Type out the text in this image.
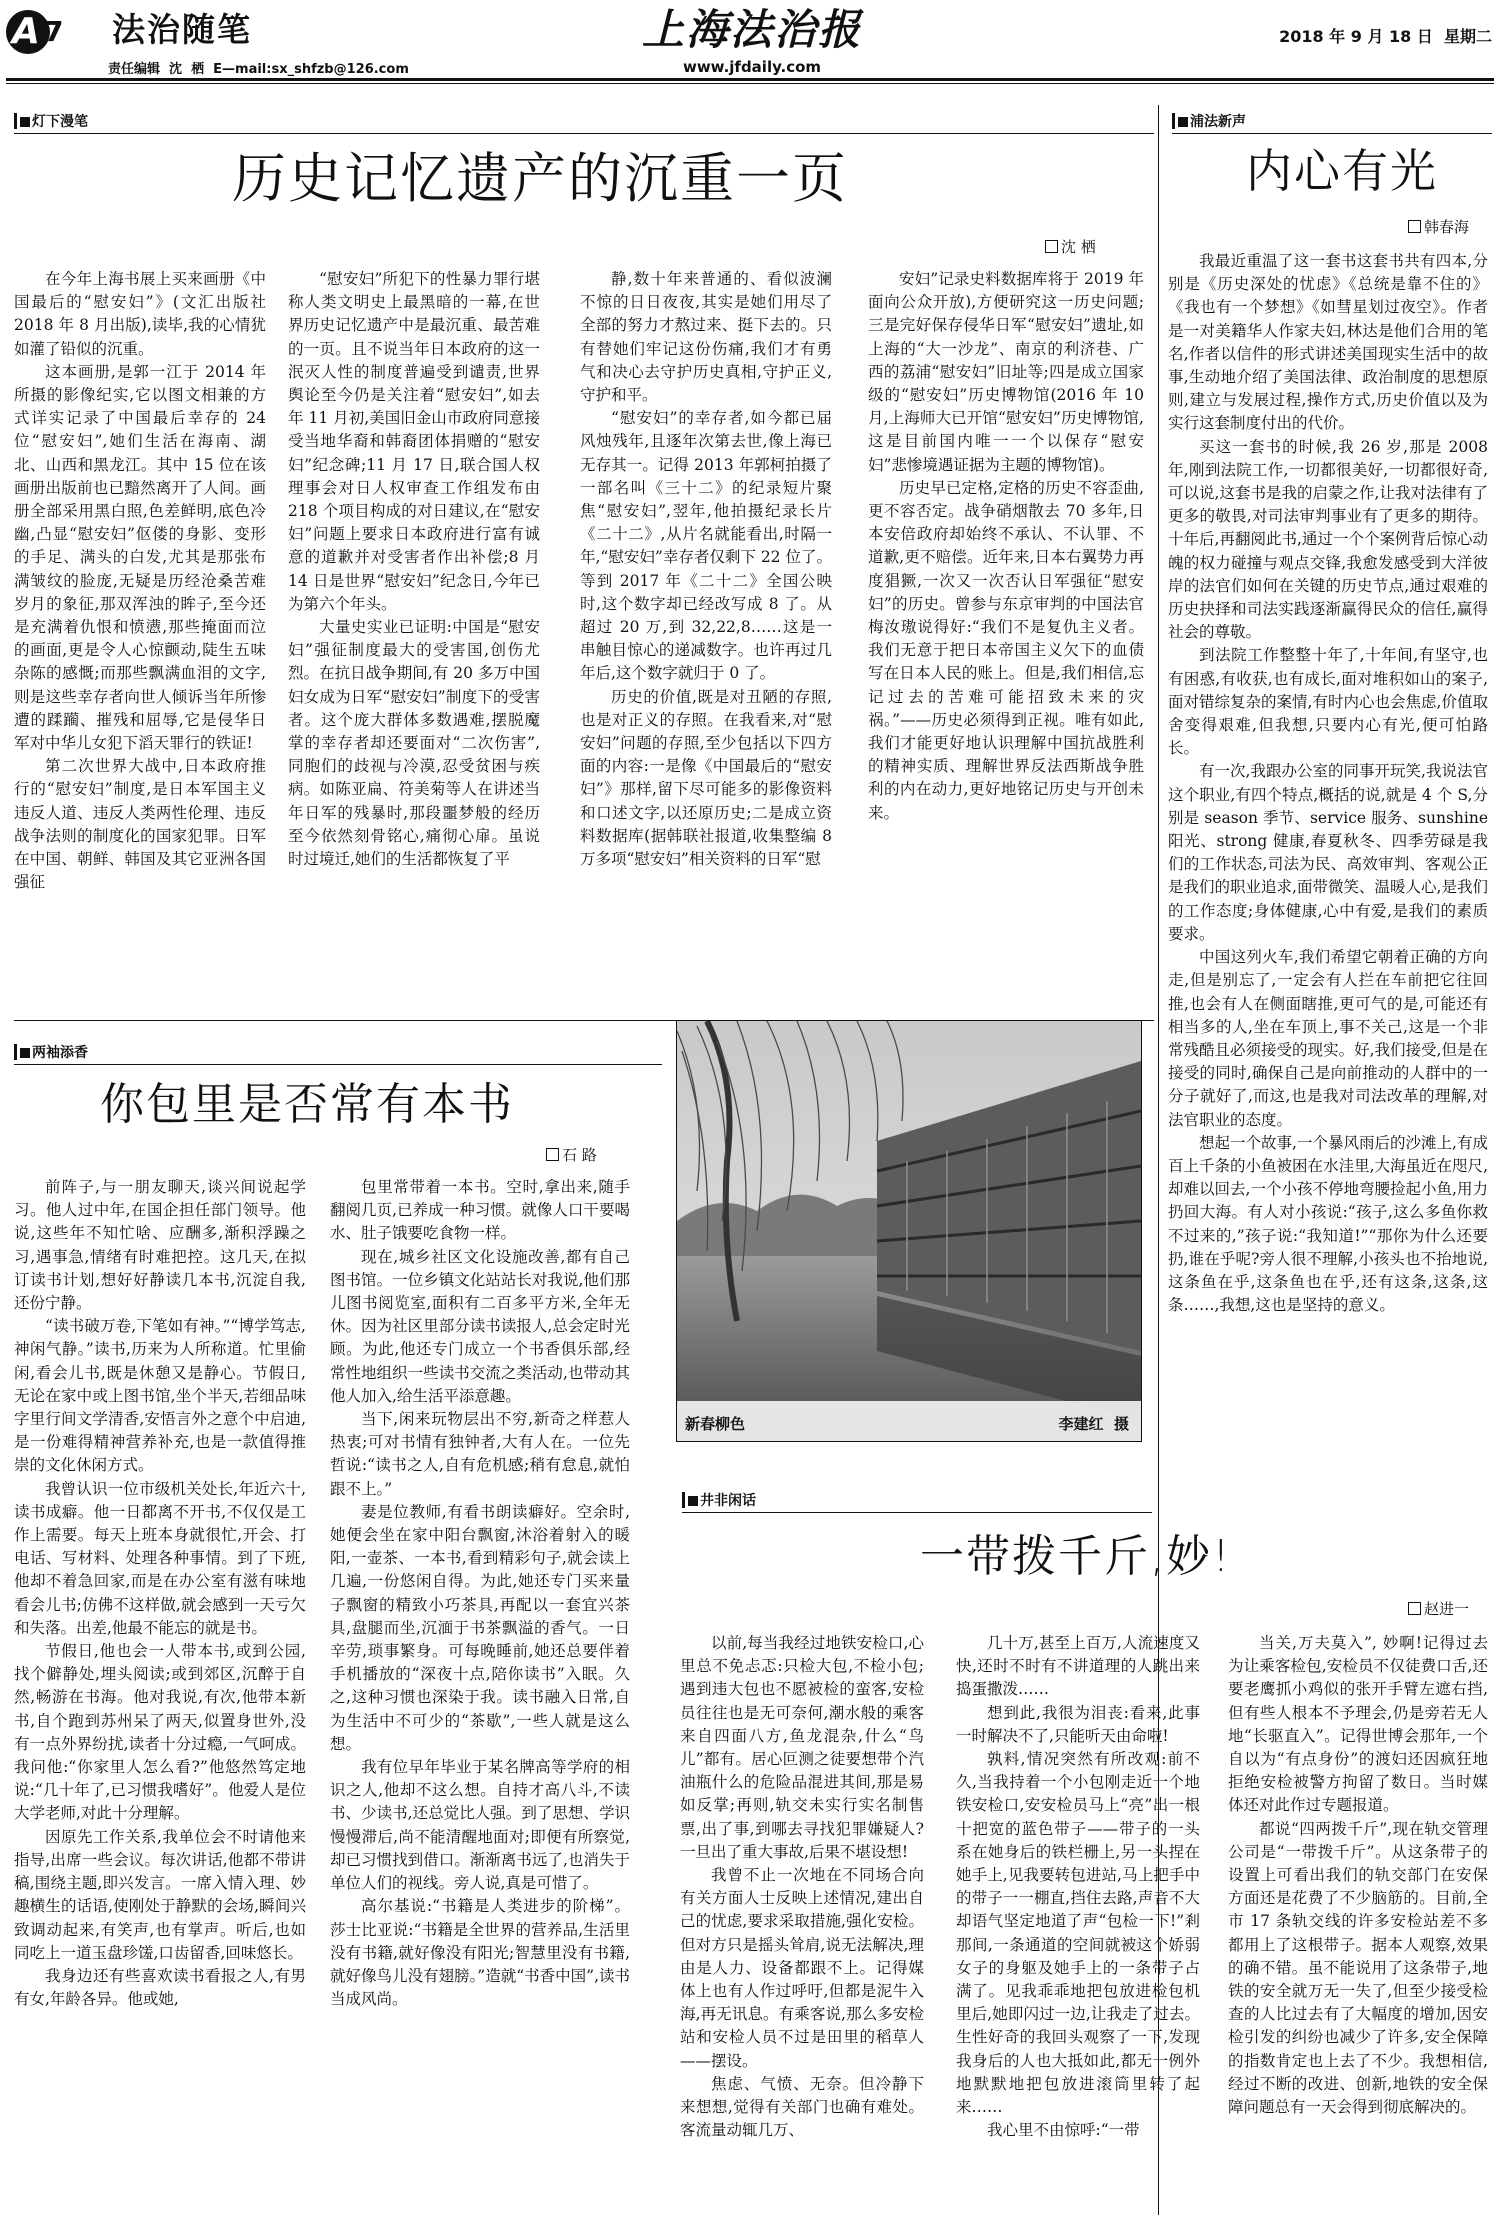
A 7 法治随笔
责任编辑  沈  栖  E—mail:sx_shfzb@126.com
上海法治报
www.jfdaily.com
2018 年 9 月 18 日  星期二
灯下漫笔
历史记忆遗产的沉重一页
沈 栖

在今年上海书展上买来画册《中国最后的“慰安妇”》(文汇出版社 2018 年 8 月出版),读毕,我的心情犹如灌了铅似的沉重。

这本画册,是郭一江于 2014 年所摄的影像纪实,它以图文相兼的方式详实记录了中国最后幸存的 24 位“慰安妇”,她们生活在海南、湖北、山西和黑龙江。其中 15 位在该画册出版前也已黯然离开了人间。画册全部采用黑白照,色差鲜明,底色冷幽,凸显“慰安妇”伛偻的身影、变形的手足、满头的白发,尤其是那张布满皱纹的脸庞,无疑是历经沧桑苦难岁月的象征,那双浑浊的眸子,至今还是充满着仇恨和愤懑,那些掩面而泣的画面,更是令人心惊颤动,陡生五味杂陈的感慨;而那些飘满血泪的文字,则是这些幸存者向世人倾诉当年所惨遭的蹂躏、摧残和屈辱,它是侵华日军对中华儿女犯下滔天罪行的铁证!

第二次世界大战中,日本政府推行的“慰安妇”制度,是日本军国主义违反人道、违反人类两性伦理、违反战争法则的制度化的国家犯罪。日军在中国、朝鲜、韩国及其它亚洲各国强征

“慰安妇”所犯下的性暴力罪行堪称人类文明史上最黑暗的一幕,在世界历史记忆遗产中是最沉重、最苦难的一页。且不说当年日本政府的这一泯灭人性的制度普遍受到谴责,世界舆论至今仍是关注着“慰安妇”,如去年 11 月初,美国旧金山市政府同意接受当地华裔和韩裔团体捐赠的“慰安妇”纪念碑;11 月 17 日,联合国人权理事会对日人权审查工作组发布由 218 个项目构成的对日建议,在“慰安妇”问题上要求日本政府进行富有诚意的道歉并对受害者作出补偿;8 月 14 日是世界“慰安妇”纪念日,今年已为第六个年头。

大量史实业已证明:中国是“慰安妇”强征制度最大的受害国,创伤尤烈。在抗日战争期间,有 20 多万中国妇女成为日军“慰安妇”制度下的受害者。这个庞大群体多数遇难,摆脱魔掌的幸存者却还要面对“二次伤害”,同胞们的歧视与冷漠,忍受贫困与疾病。如陈亚扁、符美菊等人在讲述当年日军的残暴时,那段噩梦般的经历至今依然刻骨铭心,痛彻心扉。虽说时过境迁,她们的生活都恢复了平

静,数十年来普通的、看似波澜不惊的日日夜夜,其实是她们用尽了全部的努力才熬过来、挺下去的。只有替她们牢记这份伤痛,我们才有勇气和决心去守护历史真相,守护正义,守护和平。

“慰安妇”的幸存者,如今都已届风烛残年,且逐年次第去世,像上海已无存其一。记得 2013 年郭柯拍摄了一部名叫《三十二》的纪录短片聚焦“慰安妇”,翌年,他拍摄纪录长片《二十二》,从片名就能看出,时隔一年,“慰安妇”幸存者仅剩下 22 位了。等到 2017 年《二十二》全国公映时,这个数字却已经改写成 8 了。从超过 20 万,到 32,22,8……这是一串触目惊心的递减数字。也许再过几年后,这个数字就归于 0 了。

历史的价值,既是对丑陋的存照,也是对正义的存照。在我看来,对“慰安妇”问题的存照,至少包括以下四方面的内容:一是像《中国最后的“慰安妇”》那样,留下尽可能多的影像资料和口述文字,以还原历史;二是成立资料数据库(据韩联社报道,收集整编 8 万多项“慰安妇”相关资料的日军“慰

安妇”记录史料数据库将于 2019 年面向公众开放),方便研究这一历史问题;三是完好保存侵华日军“慰安妇”遗址,如上海的“大一沙龙”、南京的利济巷、广西的荔浦“慰安妇”旧址等;四是成立国家级的“慰安妇”历史博物馆(2016 年 10 月,上海师大已开馆“慰安妇”历史博物馆,这是目前国内唯一一个以保存“慰安妇”悲惨境遇证据为主题的博物馆)。

历史早已定格,定格的历史不容歪曲,更不容否定。战争硝烟散去 70 多年,日本安倍政府却始终不承认、不认罪、不道歉,更不赔偿。近年来,日本右翼势力再度猖獗,一次又一次否认日军强征“慰安妇”的历史。曾参与东京审判的中国法官梅汝璈说得好:“我们不是复仇主义者。我们无意于把日本帝国主义欠下的血债写在日本人民的账上。但是,我们相信,忘记过去的苦难可能招致未来的灾祸。”——历史必须得到正视。唯有如此,我们才能更好地认识理解中国抗战胜利的精神实质、理解世界反法西斯战争胜利的内在动力,更好地铭记历史与开创未来。

浦法新声
内心有光
韩春海

我最近重温了这一套书这套书共有四本,分别是《历史深处的忧虑》《总统是靠不住的》《我也有一个梦想》《如彗星划过夜空》。作者是一对美籍华人作家夫妇,林达是他们合用的笔名,作者以信件的形式讲述美国现实生活中的故事,生动地介绍了美国法律、政治制度的思想原则,建立与发展过程,操作方式,历史价值以及为实行这套制度付出的代价。

买这一套书的时候,我 26 岁,那是 2008 年,刚到法院工作,一切都很美好,一切都很好奇,可以说,这套书是我的启蒙之作,让我对法律有了更多的敬畏,对司法审判事业有了更多的期待。十年后,再翻阅此书,通过一个个案例背后惊心动魄的权力碰撞与观点交锋,我愈发感受到大洋彼岸的法官们如何在关键的历史节点,通过艰难的历史抉择和司法实践逐渐赢得民众的信任,赢得社会的尊敬。

到法院工作整整十年了,十年间,有坚守,也有困惑,有收获,也有成长,面对堆积如山的案子,面对错综复杂的案情,有时内心也会焦虑,价值取舍变得艰难,但我想,只要内心有光,便可怕路长。

有一次,我跟办公室的同事开玩笑,我说法官这个职业,有四个特点,概括的说,就是 4 个 S,分别是 season 季节、service 服务、sunshine 阳光、strong 健康,春夏秋冬、四季劳碌是我们的工作状态,司法为民、高效审判、客观公正是我们的职业追求,面带微笑、温暖人心,是我们的工作态度;身体健康,心中有爱,是我们的素质要求。

中国这列火车,我们希望它朝着正确的方向走,但是别忘了,一定会有人拦在车前把它往回推,也会有人在侧面瞎推,更可气的是,可能还有相当多的人,坐在车顶上,事不关己,这是一个非常残酷且必须接受的现实。好,我们接受,但是在接受的同时,确保自己是向前推动的人群中的一分子就好了,而这,也是我对司法改革的理解,对法官职业的态度。

想起一个故事,一个暴风雨后的沙滩上,有成百上千条的小鱼被困在水洼里,大海虽近在咫尺,却难以回去,一个小孩不停地弯腰捡起小鱼,用力扔回大海。有人对小孩说:“孩子,这么多鱼你救不过来的,”孩子说:“我知道!”“那你为什么还要扔,谁在乎呢?旁人很不理解,小孩头也不抬地说,这条鱼在乎,这条鱼也在乎,还有这条,这条,这条……,我想,这也是坚持的意义。

两袖添香
你包里是否常有本书
石 路

前阵子,与一朋友聊天,谈兴间说起学习。他人过中年,在国企担任部门领导。他说,这些年不知忙啥、应酬多,渐积浮躁之习,遇事急,情绪有时难把控。这几天,在拟订读书计划,想好好静读几本书,沉淀自我,还份宁静。

“读书破万卷,下笔如有神。”“博学笃志,神闲气静。”读书,历来为人所称道。忙里偷闲,看会儿书,既是休憩又是静心。节假日,无论在家中或上图书馆,坐个半天,若细品味字里行间文学清香,安悟言外之意个中启迪,是一份难得精神营养补充,也是一款值得推崇的文化休闲方式。

我曾认识一位市级机关处长,年近六十,读书成癖。他一日都离不开书,不仅仅是工作上需要。每天上班本身就很忙,开会、打电话、写材料、处理各种事情。到了下班,他却不着急回家,而是在办公室有滋有味地看会儿书;仿佛不这样做,就会感到一天亏欠和失落。出差,他最不能忘的就是书。

节假日,他也会一人带本书,或到公园,找个僻静处,埋头阅读;或到郊区,沉醉于自然,畅游在书海。他对我说,有次,他带本新书,自个跑到苏州呆了两天,似置身世外,没有一点外界纷扰,读者十分过瘾,一气呵成。我问他:“你家里人怎么看?”他悠然笃定地说:“几十年了,已习惯我嗜好”。他爱人是位大学老师,对此十分理解。

因原先工作关系,我单位会不时请他来指导,出席一些会议。每次讲话,他都不带讲稿,围绕主题,即兴发言。一席入情入理、妙趣横生的话语,使刚处于静默的会场,瞬间兴致调动起来,有笑声,也有掌声。听后,也如同吃上一道玉盘珍馐,口齿留香,回味悠长。

我身边还有些喜欢读书看报之人,有男有女,年龄各异。他或她,

包里常带着一本书。空时,拿出来,随手翻阅几页,已养成一种习惯。就像人口干要喝水、肚子饿要吃食物一样。

现在,城乡社区文化设施改善,都有自己图书馆。一位乡镇文化站站长对我说,他们那儿图书阅览室,面积有二百多平方米,全年无休。因为社区里部分读书读报人,总会定时光顾。为此,他还专门成立一个书香俱乐部,经常性地组织一些读书交流之类活动,也带动其他人加入,给生活平添意趣。

当下,闲来玩物层出不穷,新奇之样惹人热衷;可对书情有独钟者,大有人在。一位先哲说:“读书之人,自有危机感;稍有怠息,就怕跟不上。”

妻是位教师,有看书朗读癖好。空余时,她便会坐在家中阳台飘窗,沐浴着射入的暖阳,一壶茶、一本书,看到精彩句子,就会读上几遍,一份悠闲自得。为此,她还专门买来量子飘窗的精致小巧茶具,再配以一套宜兴茶具,盘腿而坐,沉湎于书茶飘溢的香气。一日辛劳,琐事繁身。可每晚睡前,她还总要伴着手机播放的“深夜十点,陪你读书”入眠。久之,这种习惯也深染于我。读书融入日常,自为生活中不可少的“茶歇”,一些人就是这么想。

我有位早年毕业于某名牌高等学府的相识之人,他却不这么想。自持才高八斗,不读书、少读书,还总觉比人强。到了思想、学识慢慢滞后,尚不能清醒地面对;即便有所察觉,却已习惯找到借口。渐渐离书远了,也消失于单位人们的视线。旁人说,真是可惜了。

高尔基说:“书籍是人类进步的阶梯”。莎士比亚说:“书籍是全世界的营养品,生活里没有书籍,就好像没有阳光;智慧里没有书籍,就好像鸟儿没有翅膀。”造就“书香中国”,读书当成风尚。

新春柳色	李建红  摄
井非闲话
一带拨千斤,妙!
赵进一

以前,每当我经过地铁安检口,心里总不免忐忑:只检大包,不检小包;遇到违大包也不愿被检的蛮客,安检员往往也是无可奈何,潮水般的乘客来自四面八方,鱼龙混杂,什么“鸟儿”都有。居心叵测之徒要想带个汽油瓶什么的危险品混进其间,那是易如反掌;再则,轨交未实行实名制售票,出了事,到哪去寻找犯罪嫌疑人?一旦出了重大事故,后果不堪设想!

我曾不止一次地在不同场合向有关方面人士反映上述情况,建出自己的忧虑,要求采取措施,强化安检。但对方只是摇头耸肩,说无法解决,理由是人力、设备都跟不上。记得媒体上也有人作过呼吁,但都是泥牛入海,再无讯息。有乘客说,那么多安检站和安检人员不过是田里的稻草人——摆设。

焦虑、气愤、无奈。但冷静下来想想,觉得有关部门也确有难处。客流量动辄几万、

几十万,甚至上百万,人流速度又快,还时不时有不讲道理的人跳出来捣蛋撒泼……

想到此,我很为泪丧:看来,此事一时解决不了,只能听天由命啦!

孰料,情况突然有所改观:前不久,当我持着一个小包刚走近一个地铁安检口,安安检员马上“亮”出一根十把宽的蓝色带子——带子的一头系在她身后的铁栏栅上,另一头捏在她手上,见我要转包进站,马上把手中的带子一一棚直,挡住去路,声音不大却语气坚定地道了声“包检一下!”剎那间,一条通道的空间就被这个娇弱女子的身躯及她手上的一条带子占满了。见我乖乖地把包放进检包机里后,她即闪过一边,让我走了过去。生性好奇的我回头观察了一下,发现我身后的人也大抵如此,都无一例外地默默地把包放进滚筒里转了起来……

我心里不由惊呼:“一带

当关,万夫莫入”, 妙啊!记得过去为让乘客检包,安检员不仅徒费口舌,还要老鹰抓小鸡似的张开手臂左遮右挡,但有些人根本不予理会,仍是旁若无人地“长驱直入”。记得世博会那年,一个自以为“有点身份”的渡妇还因疯狂地拒绝安检被警方拘留了数日。当时媒体还对此作过专题报道。

都说“四两拨千斤”,现在轨交管理公司是“一带拨千斤”。从这条带子的设置上可看出我们的轨交部门在安保方面还是花费了不少脑筋的。目前,全市 17 条轨交线的许多安检站差不多都用上了这根带子。据本人观察,效果的确不错。虽不能说用了这条带子,地铁的安全就万无一失了,但至少接受检查的人比过去有了大幅度的增加,因安检引发的纠纷也减少了许多,安全保障的指数肯定也上去了不少。我想相信,经过不断的改进、创新,地铁的安全保障问题总有一天会得到彻底解决的。
